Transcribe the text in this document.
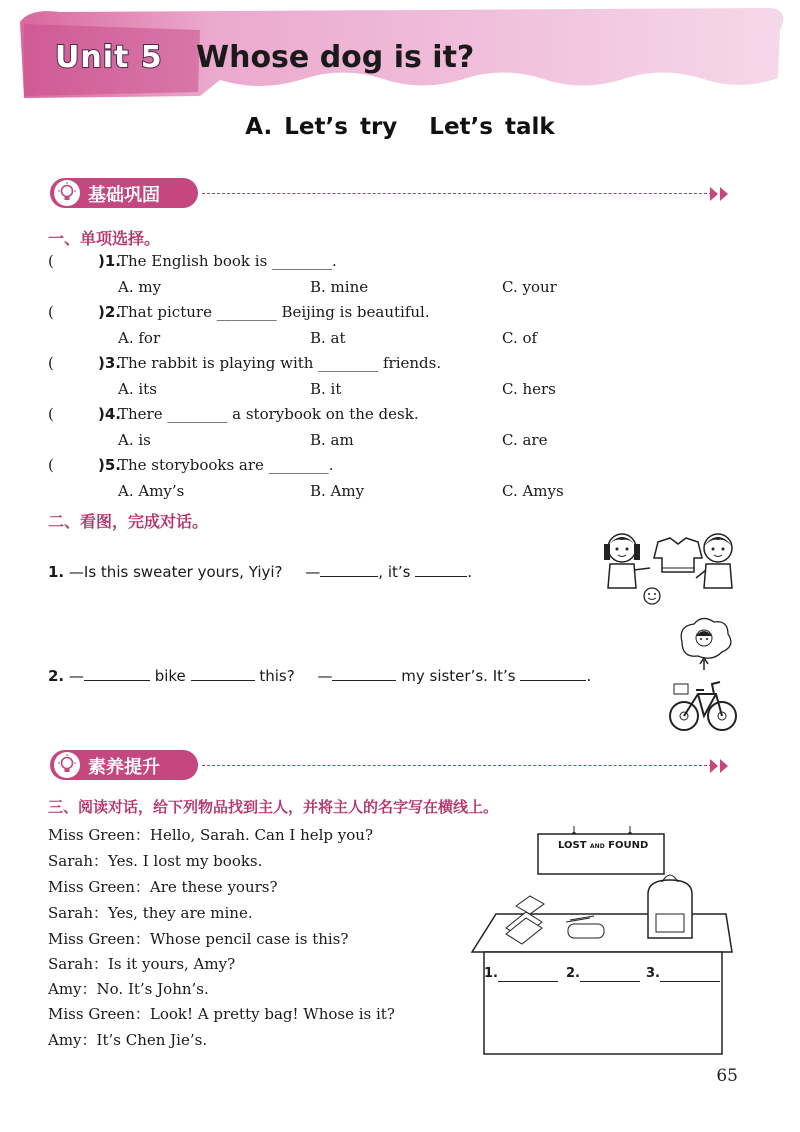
Unit 5 Whose dog is it?
A. Let’s try Let’s talk
基础巩固
一、单项选择。
(	)1.
The English book is ________.
A. my	B. mine	C. your
(	)2.
That picture ________ Beijing is beautiful.
A. for	B. at	C. of
(	)3.
The rabbit is playing with ________ friends.
A. its	B. it	C. hers
(	)4.
There ________ a storybook on the desk.
A. is	B. am	C. are
(	)5.
The storybooks are ________.
A. Amy’s	B. Amy	C. Amys
二、看图，完成对话。
1. —Is this sweater yours, Yiyi? —	, it’s	.
2. —	bike	this? —	my sister’s. It’s	.
素养提升
三、阅读对话，给下列物品找到主人，并将主人的名字写在横线上。
Miss Green：Hello, Sarah. Can I help you?
Sarah：Yes. I lost my books.
Miss Green：Are these yours?
Sarah：Yes, they are mine.
Miss Green：Whose pencil case is this?
Sarah：Is it yours, Amy?
Amy：No. It’s John’s.
Miss Green：Look! A pretty bag! Whose is it?
Amy：It’s Chen Jie’s.
LOST AND FOUND
1.	2.	3.
65
